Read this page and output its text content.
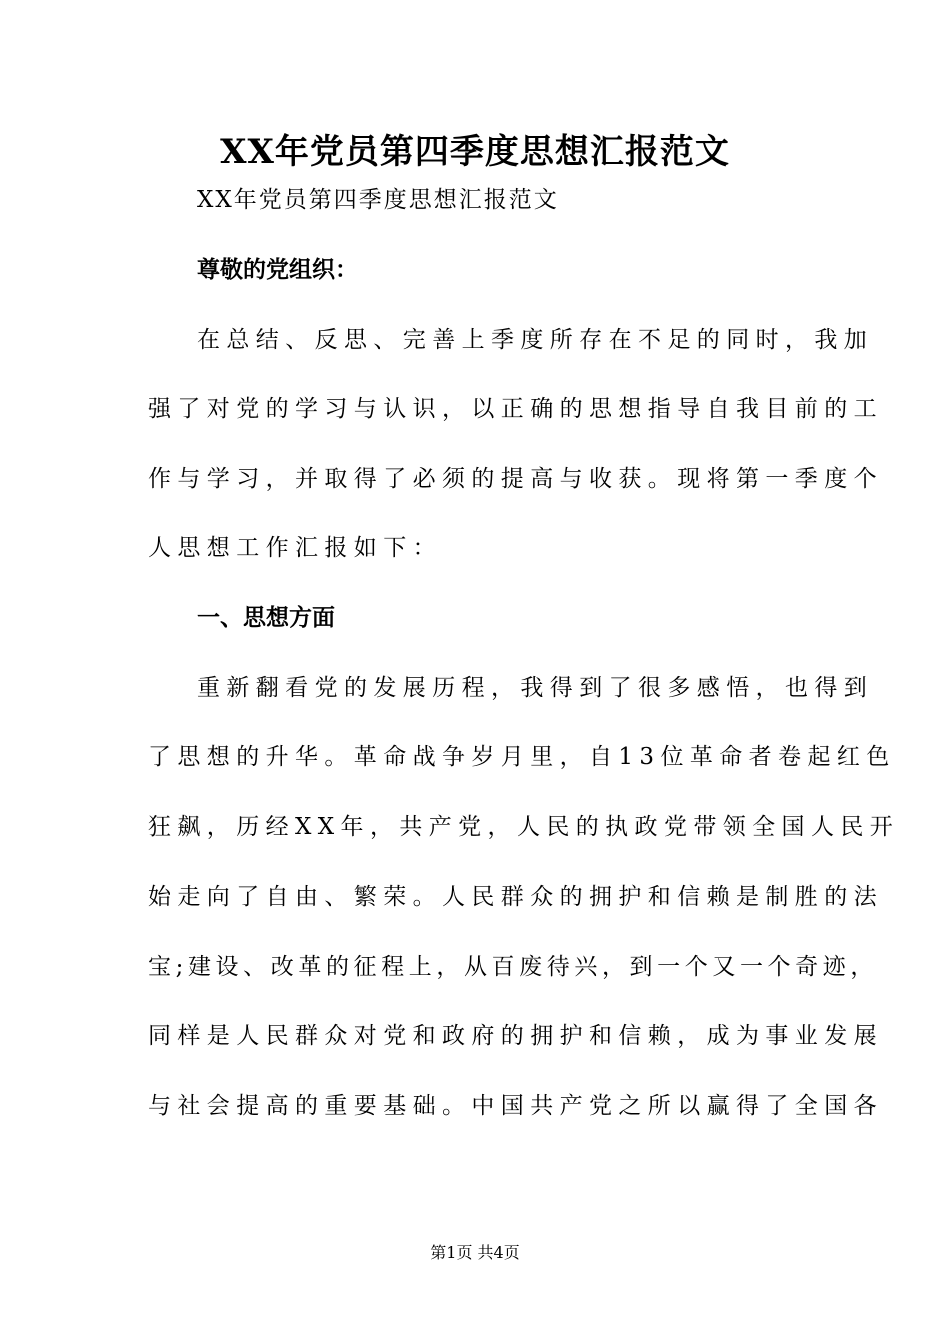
XX年党员第四季度思想汇报范文
XX年党员第四季度思想汇报范文
尊敬的党组织：
在总结、反思、完善上季度所存在不足的同时，我加
强了对党的学习与认识，以正确的思想指导自我目前的工
作与学习，并取得了必须的提高与收获。现将第一季度个
人思想工作汇报如下：
一、思想方面
重新翻看党的发展历程，我得到了很多感悟，也得到
了思想的升华。革命战争岁月里，自13位革命者卷起红色
狂飙，历经XX年，共产党，人民的执政党带领全国人民开
始走向了自由、繁荣。人民群众的拥护和信赖是制胜的法
宝;建设、改革的征程上，从百废待兴，到一个又一个奇迹，
同样是人民群众对党和政府的拥护和信赖，成为事业发展
与社会提高的重要基础。中国共产党之所以赢得了全国各
第1页 共4页
